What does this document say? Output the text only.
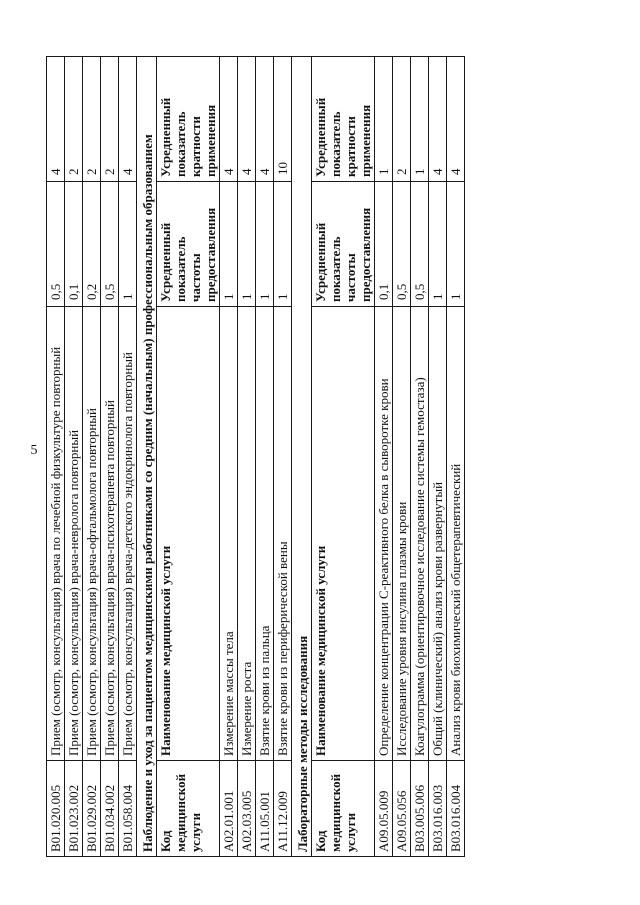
5
B01.020.005	Прием (осмотр, консультация) врача по лечебной физкультуре повторный	0,5	4
B01.023.002	Прием (осмотр, консультация) врача-невролога повторный	0,1	2
B01.029.002	Прием (осмотр, консультация) врача-офтальмолога повторный	0,2	2
B01.034.002	Прием (осмотр, консультация) врача-психотерапевта повторный	0,5	2
B01.058.004	Прием (осмотр, консультация) врача-детского эндокринолога повторный	1	4
Наблюдение и уход за пациентом медицинскими работниками со средним (начальным) профессиональным образованием			
Код медицинской услуги	Наименование медицинской услуги	Усредненный показатель частоты предоставления	Усредненный показатель кратности применения
A02.01.001	Измерение массы тела	1	4
A02.03.005	Измерение роста	1	4
A11.05.001	Взятие крови из пальца	1	4
A11.12.009	Взятие крови из периферической вены	1	10
Лабораторные методы исследования			
Код медицинской услуги	Наименование медицинской услуги	Усредненный показатель частоты предоставления	Усредненный показатель кратности применения
A09.05.009	Определение концентрации С-реактивного белка в сыворотке крови	0,1	1
A09.05.056	Исследование уровня инсулина плазмы крови	0,5	2
B03.005.006	Коагулограмма (ориентировочное исследование системы гемостаза)	0,5	1
B03.016.003	Общий (клинический) анализ крови развернутый	1	4
B03.016.004	Анализ крови биохимический общетерапевтический	1	4
